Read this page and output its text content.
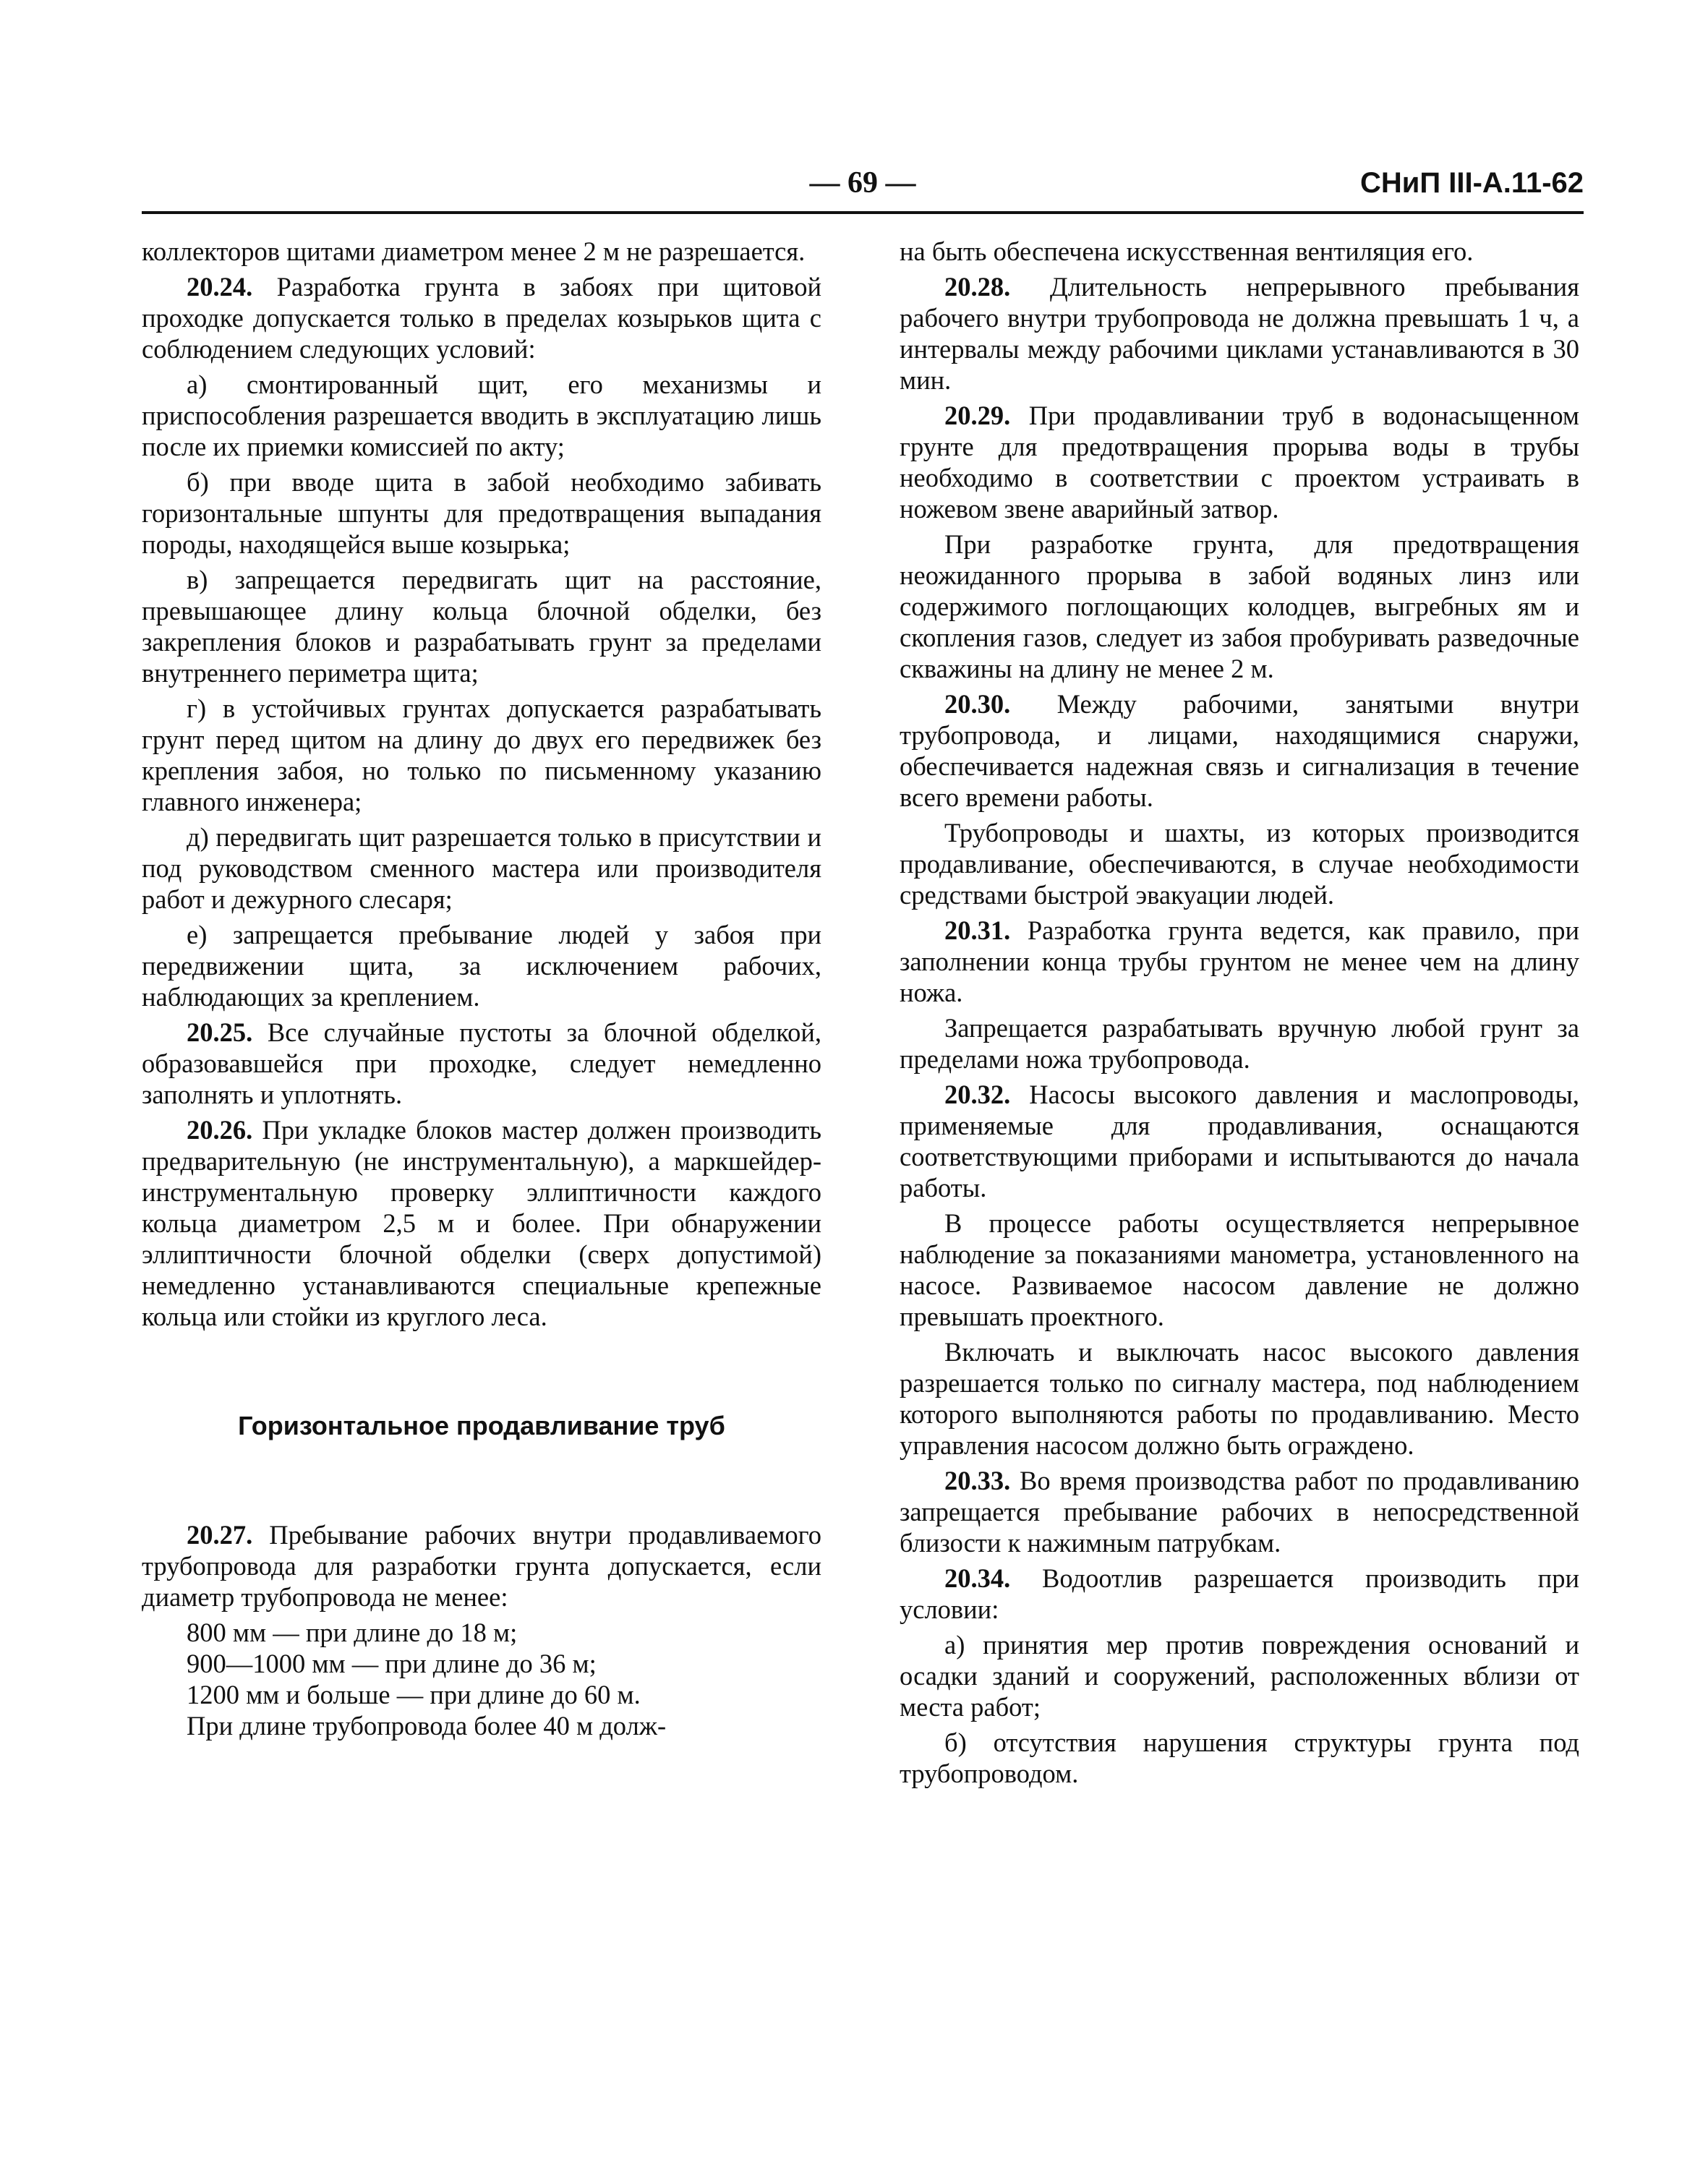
— 69 —	СНиП III-А.11-62

коллекторов щитами диаметром менее 2 м не разрешается.

20.24. Разработка грунта в забоях при щитовой проходке допускается только в пределах козырьков щита с соблюдением следующих условий:

а) смонтированный щит, его механизмы и приспособления разрешается вводить в эксплуатацию лишь после их приемки комиссией по акту;

б) при вводе щита в забой необходимо забивать горизонтальные шпунты для предотвращения выпадания породы, находящейся выше козырька;

в) запрещается передвигать щит на расстояние, превышающее длину кольца блочной обделки, без закрепления блоков и разрабатывать грунт за пределами внутреннего периметра щита;

г) в устойчивых грунтах допускается разрабатывать грунт перед щитом на длину до двух его передвижек без крепления забоя, но только по письменному указанию главного инженера;

д) передвигать щит разрешается только в присутствии и под руководством сменного мастера или производителя работ и дежурного слесаря;

е) запрещается пребывание людей у забоя при передвижении щита, за исключением рабочих, наблюдающих за креплением.

20.25. Все случайные пустоты за блочной обделкой, образовавшейся при проходке, следует немедленно заполнять и уплотнять.

20.26. При укладке блоков мастер должен производить предварительную (не инструментальную), а маркшейдер-инструментальную проверку эллиптичности каждого кольца диаметром 2,5 м и более. При обнаружении эллиптичности блочной обделки (сверх допустимой) немедленно устанавливаются специальные крепежные кольца или стойки из круглого леса.

Горизонтальное продавливание труб

20.27. Пребывание рабочих внутри продавливаемого трубопровода для разработки грунта допускается, если диаметр трубопровода не менее:

800 мм — при длине до 18 м;

900—1000 мм — при длине до 36 м;

1200 мм и больше — при длине до 60 м.

При длине трубопровода более 40 м долж-

на быть обеспечена искусственная вентиляция его.

20.28. Длительность непрерывного пребывания рабочего внутри трубопровода не должна превышать 1 ч, а интервалы между рабочими циклами устанавливаются в 30 мин.

20.29. При продавливании труб в водонасыщенном грунте для предотвращения прорыва воды в трубы необходимо в соответствии с проектом устраивать в ножевом звене аварийный затвор.

При разработке грунта, для предотвращения неожиданного прорыва в забой водяных линз или содержимого поглощающих колодцев, выгребных ям и скопления газов, следует из забоя пробуривать разведочные скважины на длину не менее 2 м.

20.30. Между рабочими, занятыми внутри трубопровода, и лицами, находящимися снаружи, обеспечивается надежная связь и сигнализация в течение всего времени работы.

Трубопроводы и шахты, из которых производится продавливание, обеспечиваются, в случае необходимости средствами быстрой эвакуации людей.

20.31. Разработка грунта ведется, как правило, при заполнении конца трубы грунтом не менее чем на длину ножа.

Запрещается разрабатывать вручную любой грунт за пределами ножа трубопровода.

20.32. Насосы высокого давления и маслопроводы, применяемые для продавливания, оснащаются соответствующими приборами и испытываются до начала работы.

В процессе работы осуществляется непрерывное наблюдение за показаниями манометра, установленного на насосе. Развиваемое насосом давление не должно превышать проектного.

Включать и выключать насос высокого давления разрешается только по сигналу мастера, под наблюдением которого выполняются работы по продавливанию. Место управления насосом должно быть ограждено.

20.33. Во время производства работ по продавливанию запрещается пребывание рабочих в непосредственной близости к нажимным патрубкам.

20.34. Водоотлив разрешается производить при условии:

а) принятия мер против повреждения оснований и осадки зданий и сооружений, расположенных вблизи от места работ;

б) отсутствия нарушения структуры грунта под трубопроводом.
